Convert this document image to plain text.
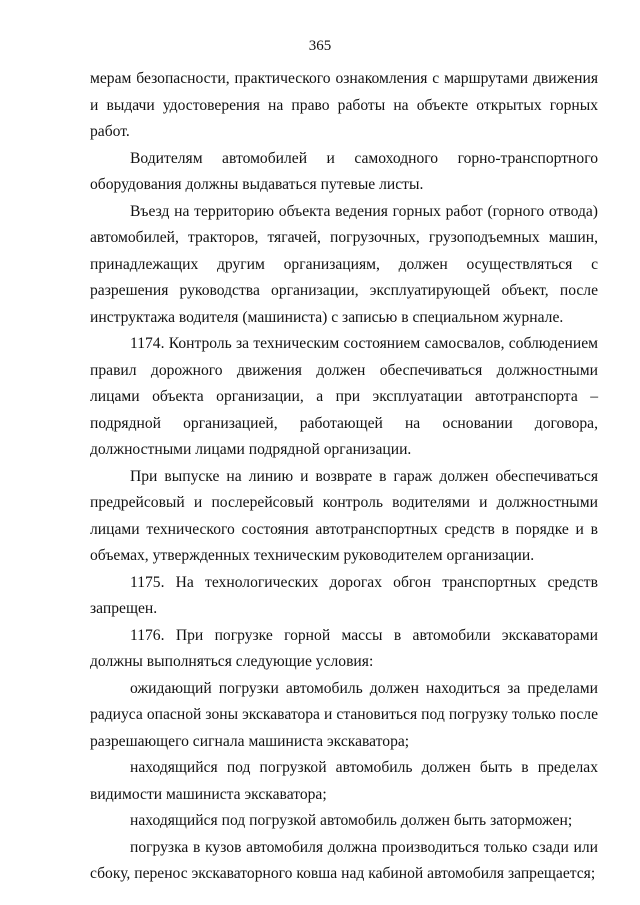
365

мерам безопасности, практического ознакомления с маршрутами движения и выдачи удостоверения на право работы на объекте открытых горных работ.

Водителям автомобилей и самоходного горно-транспортного оборудования должны выдаваться путевые листы.

Въезд на территорию объекта ведения горных работ (горного отвода) автомобилей, тракторов, тягачей, погрузочных, грузоподъемных машин, принадлежащих другим организациям, должен осуществляться с разрешения руководства организации, эксплуатирующей объект, после инструктажа водителя (машиниста) с записью в специальном журнале.

1174. Контроль за техническим состоянием самосвалов, соблюдением правил дорожного движения должен обеспечиваться должностными лицами объекта организации, а при эксплуатации автотранспорта – подрядной организацией, работающей на основании договора, должностными лицами подрядной организации.

При выпуске на линию и возврате в гараж должен обеспечиваться предрейсовый и послерейсовый контроль водителями и должностными лицами технического состояния автотранспортных средств в порядке и в объемах, утвержденных техническим руководителем организации.

1175. На технологических дорогах обгон транспортных средств запрещен.

1176. При погрузке горной массы в автомобили экскаваторами должны выполняться следующие условия:

ожидающий погрузки автомобиль должен находиться за пределами радиуса опасной зоны экскаватора и становиться под погрузку только после разрешающего сигнала машиниста экскаватора;

находящийся под погрузкой автомобиль должен быть в пределах видимости машиниста экскаватора;

находящийся под погрузкой автомобиль должен быть заторможен;

погрузка в кузов автомобиля должна производиться только сзади или сбоку, перенос экскаваторного ковша над кабиной автомобиля запрещается;
